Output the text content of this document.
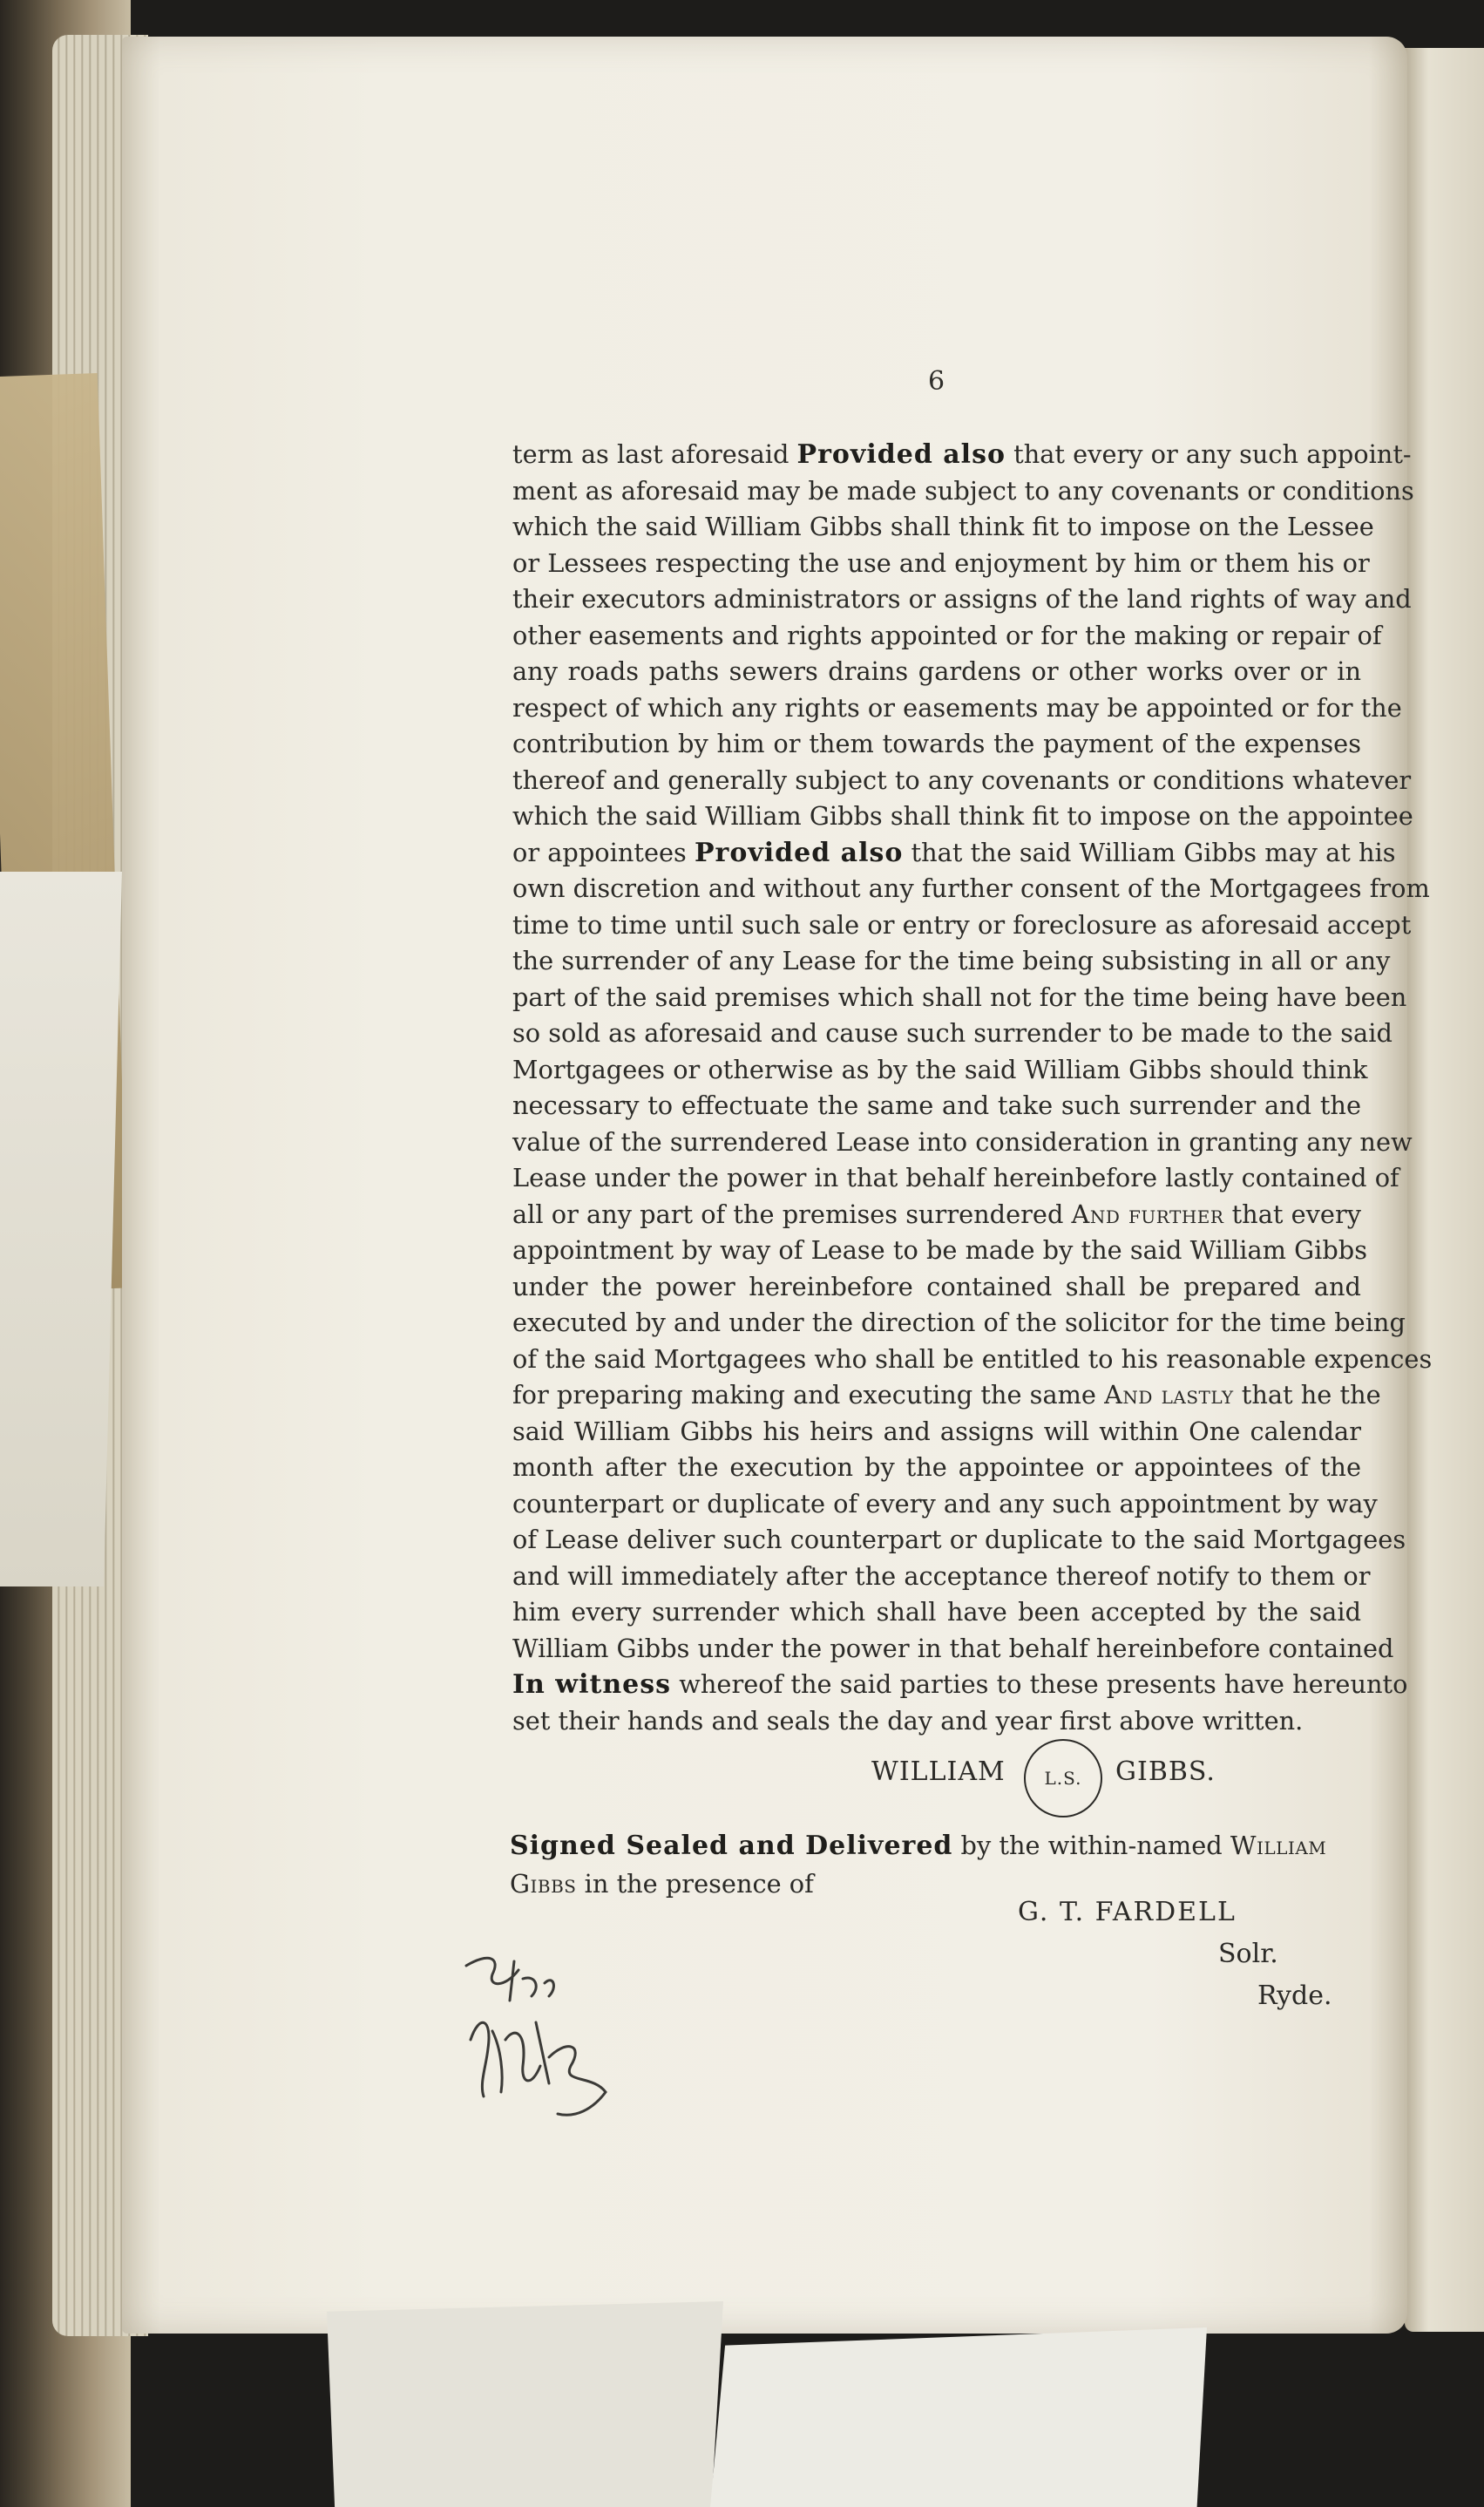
6
term as last aforesaid Provided also that every or any such appoint-
ment as aforesaid may be made subject to any covenants or conditions
which the said William Gibbs shall think fit to impose on the Lessee
or Lessees respecting the use and enjoyment by him or them his or
their executors administrators or assigns of the land rights of way and
other easements and rights appointed or for the making or repair of
any roads paths sewers drains gardens or other works over or in
respect of which any rights or easements may be appointed or for the
contribution by him or them towards the payment of the expenses
thereof and generally subject to any covenants or conditions whatever
which the said William Gibbs shall think fit to impose on the appointee
or appointees Provided also that the said William Gibbs may at his
own discretion and without any further consent of the Mortgagees from
time to time until such sale or entry or foreclosure as aforesaid accept
the surrender of any Lease for the time being subsisting in all or any
part of the said premises which shall not for the time being have been
so sold as aforesaid and cause such surrender to be made to the said
Mortgagees or otherwise as by the said William Gibbs should think
necessary to effectuate the same and take such surrender and the
value of the surrendered Lease into consideration in granting any new
Lease under the power in that behalf hereinbefore lastly contained of
all or any part of the premises surrendered And further that every
appointment by way of Lease to be made by the said William Gibbs
under the power hereinbefore contained shall be prepared and
executed by and under the direction of the solicitor for the time being
of the said Mortgagees who shall be entitled to his reasonable expences
for preparing making and executing the same And lastly that he the
said William Gibbs his heirs and assigns will within One calendar
month after the execution by the appointee or appointees of the
counterpart or duplicate of every and any such appointment by way
of Lease deliver such counterpart or duplicate to the said Mortgagees
and will immediately after the acceptance thereof notify to them or
him every surrender which shall have been accepted by the said
William Gibbs under the power in that behalf hereinbefore contained
In witness whereof the said parties to these presents have hereunto
set their hands and seals the day and year first above written.
WILLIAM	L.S.	GIBBS.
Signed Sealed and Delivered by the within-named William
Gibbs in the presence of
G. T. FARDELL
Solr.
Ryde.
